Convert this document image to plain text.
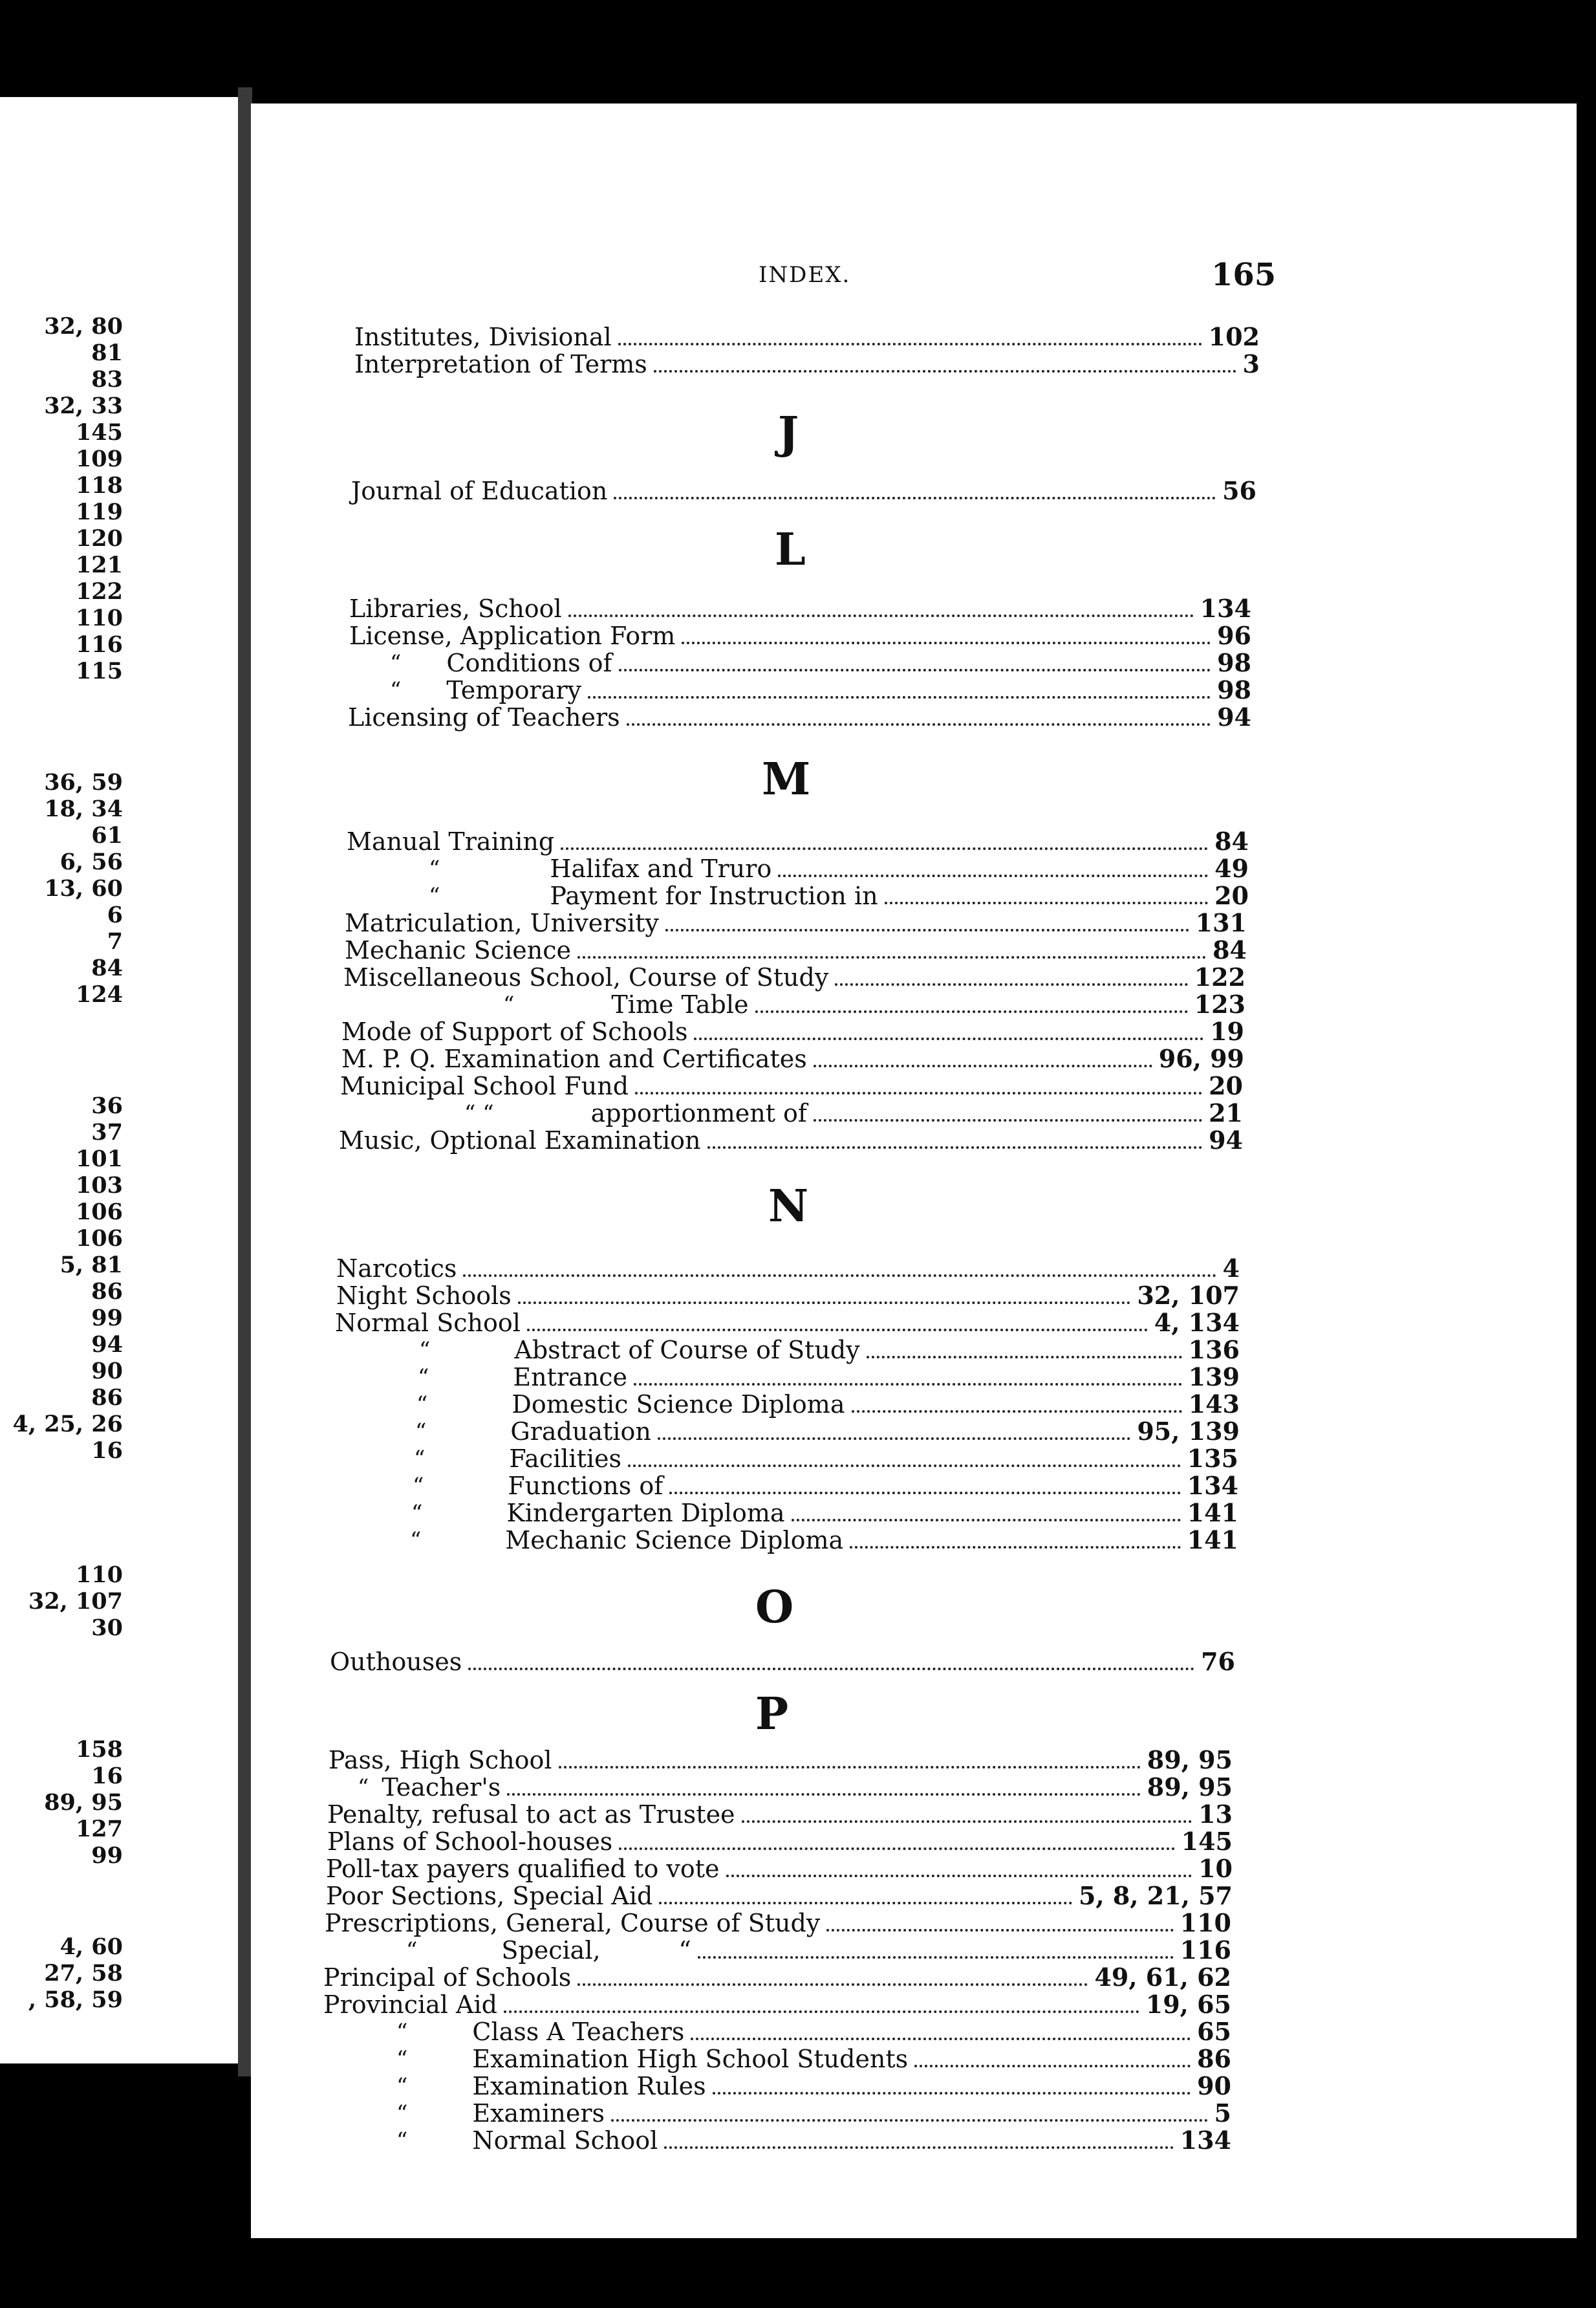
32, 80
81
83
32, 33
145
109
118
119
120
121
122
110
116
115
36, 59
18, 34
61
6, 56
13, 60
6
7
84
124
36
37
101
103
106
106
5, 81
86
99
94
90
86
4, 25, 26
16
110
32, 107
30
158
16
89, 95
127
99
4, 60
27, 58
, 58, 59
INDEX.	165
Institutes, Divisional	102
Interpretation of Terms	3
J
Journal of Education	56
L
Libraries, School	134
License, Application Form	96
“ Conditions of	98
“ Temporary	98
Licensing of Teachers	94
M
Manual Training	84
“	Halifax and Truro	49
“	Payment for Instruction in	20
Matriculation, University	131
Mechanic Science	84
Miscellaneous School, Course of Study	122
“	Time Table	123
Mode of Support of Schools	19
M. P. Q. Examination and Certificates	96, 99
Municipal School Fund	20
“ “	apportionment of	21
Music, Optional Examination	94
N
Narcotics	4
Night Schools	32, 107
Normal School	4, 134
“	Abstract of Course of Study	136
“	Entrance	139
“	Domestic Science Diploma	143
“	Graduation	95, 139
“	Facilities	135
“	Functions of	134
“	Kindergarten Diploma	141
“	Mechanic Science Diploma	141
O
Outhouses	76
P
Pass, High School	89, 95
“ Teacher's	89, 95
Penalty, refusal to act as Trustee	13
Plans of School-houses	145
Poll-tax payers qualified to vote	10
Poor Sections, Special Aid	5, 8, 21, 57
Prescriptions, General, Course of Study	110
“	Special,          “	116
Principal of Schools	49, 61, 62
Provincial Aid	19, 65
“	Class A Teachers	65
“	Examination High School Students	86
“	Examination Rules	90
“	Examiners	5
“	Normal School	134
